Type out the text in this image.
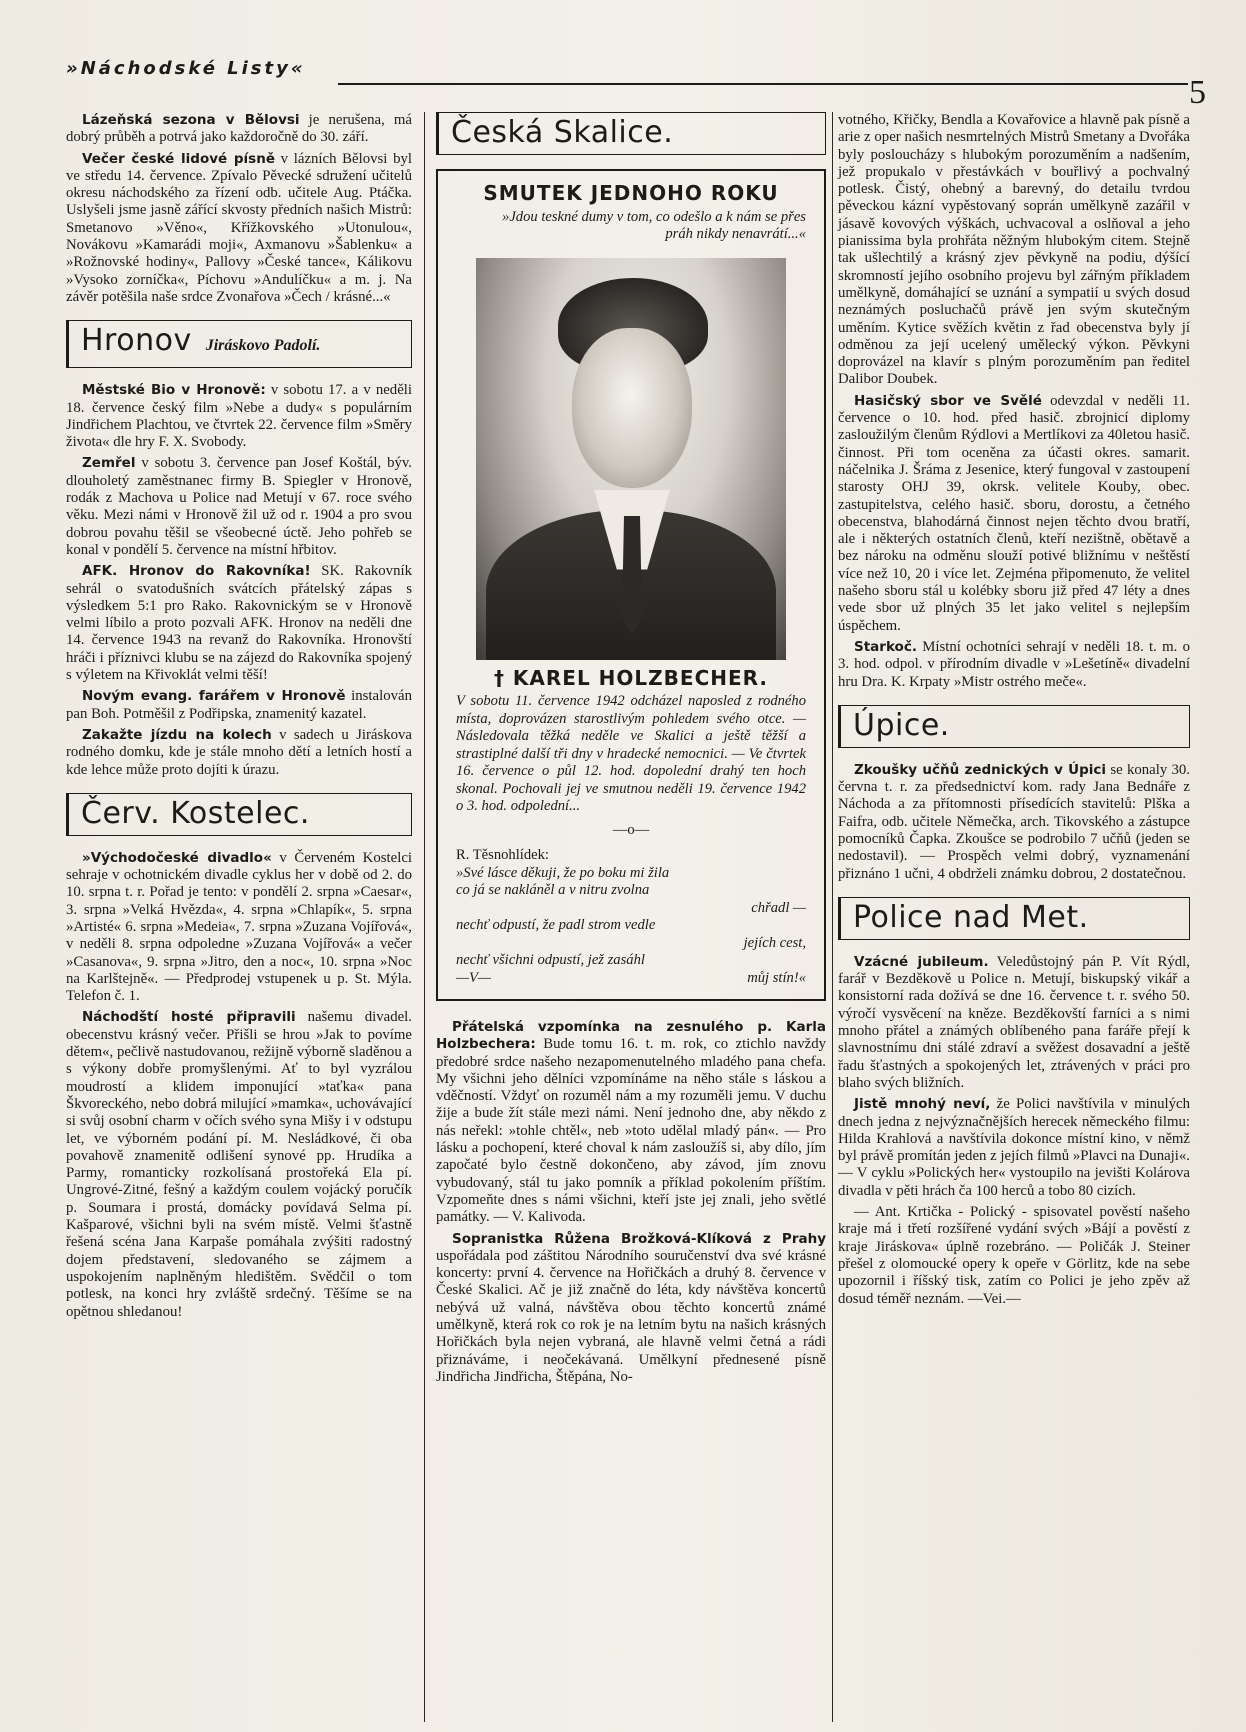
»Náchodské Listy«
5

Lázeňská sezona v Bělovsi je nerušena, má dobrý průběh a potrvá jako každoročně do 30. září.

Večer české lidové písně v lázních Bělovsi byl ve středu 14. července. Zpívalo Pěvecké sdružení učitelů okresu náchodského za řízení odb. učitele Aug. Ptáčka. Uslyšeli jsme jasně zářící skvosty předních našich Mistrů: Smetanovo »Věno«, Křížkovského »Utonulou«, Novákovu »Kamarádi moji«, Axmanovu »Šablenku« a »Rožnovské hodiny«, Pallovy »České tance«, Kálikovu »Vysoko zorníčka«, Píchovu »Andulíčku« a m. j. Na závěr potěšila naše srdce Zvonařova »Čech / krásné...«

Hronov Jiráskovo Padolí.

Městské Bio v Hronově: v sobotu 17. a v neděli 18. července český film »Nebe a dudy« s populárním Jindřichem Plachtou, ve čtvrtek 22. července film »Směry života« dle hry F. X. Svobody.

Zemřel v sobotu 3. července pan Josef Koštál, býv. dlouholetý zaměstnanec firmy B. Spiegler v Hronově, rodák z Machova u Police nad Metují v 67. roce svého věku. Mezi námi v Hronově žil už od r. 1904 a pro svou dobrou povahu těšil se všeobecné úctě. Jeho pohřeb se konal v pondělí 5. července na místní hřbitov.

AFK. Hronov do Rakovníka! SK. Rakovník sehrál o svatodušních svátcích přátelský zápas s výsledkem 5:1 pro Rako. Rakovnickým se v Hronově velmi líbilo a proto pozvali AFK. Hronov na neděli dne 14. července 1943 na revanž do Rakovníka. Hronovští hráči i příznivci klubu se na zájezd do Rakovníka spojený s výletem na Křivoklát velmi těší!

Novým evang. farářem v Hronově instalován pan Boh. Potměšil z Podřipska, znamenitý kazatel.

Zakažte jízdu na kolech v sadech u Jiráskova rodného domku, kde je stále mnoho dětí a letních hostí a kde lehce může proto dojíti k úrazu.

Červ. Kostelec.

»Východočeské divadlo« v Červeném Kostelci sehraje v ochotnickém divadle cyklus her v době od 2. do 10. srpna t. r. Pořad je tento: v pondělí 2. srpna »Caesar«, 3. srpna »Velká Hvězda«, 4. srpna »Chlapík«, 5. srpna »Artisté« 6. srpna »Medeia«, 7. srpna »Zuzana Vojířová«, v neděli 8. srpna odpoledne »Zuzana Vojířová« a večer »Casanova«, 9. srpna »Jitro, den a noc«, 10. srpna »Noc na Karlštejně«. — Předprodej vstupenek u p. St. Mýla. Telefon č. 1.

Náchodští hosté připravili našemu divadel. obecenstvu krásný večer. Přišli se hrou »Jak to povíme dětem«, pečlivě nastudovanou, režijně výborně sladěnou a s výkony dobře promyšlenými. Ať to byl vyzrálou moudrostí a klidem imponující »taťka« pana Škvoreckého, nebo dobrá milující »mamka«, uchovávající si svůj osobní charm v očích svého syna Mišy i v odstupu let, ve výborném podání pí. M. Nesládkové, či oba povahově znamenitě odlišení synové pp. Hrudíka a Parmy, romanticky rozkolísaná prostořeká Ela pí. Ungrové-Zitné, fešný a každým coulem vojácký poručík p. Soumara i prostá, domácky povídavá Selma pí. Kašparové, všichni byli na svém místě. Velmi šťastně řešená scéna Jana Karpaše pomáhala zvýšiti radostný dojem představení, sledovaného se zájmem a uspokojením naplněným hledištěm. Svědčil o tom potlesk, na konci hry zvláště srdečný. Těšíme se na opětnou shledanou!

Česká Skalice.
SMUTEK JEDNOHO ROKU
»Jdou teskné dumy v tom, co odešlo a k nám se přes práh nikdy nenavrátí...«
† KAREL HOLZBECHER.
V sobotu 11. července 1942 odcházel naposled z rodného místa, doprovázen starostlivým pohledem svého otce. — Následovala těžká neděle ve Skalici a ještě těžší a strastiplné další tři dny v hradecké nemocnici. — Ve čtvrtek 16. července o půl 12. hod. dopolední drahý ten hoch skonal. Pochovali jej ve smutnou neděli 19. července 1942 o 3. hod. odpolední...
—o—
R. Těsnohlídek:
»Své lásce děkuji, že po boku mi žila
co já se nakláněl a v nitru zvolna
chřadl —
nechť odpustí, že padl strom vedle
jejích cest,
nechť všichni odpustí, jež zasáhl
—V—	můj stín!«

Přátelská vzpomínka na zesnulého p. Karla Holzbechera: Bude tomu 16. t. m. rok, co ztichlo navždy předobré srdce našeho nezapomenutelného mladého pana chefa. My všichni jeho dělníci vzpomínáme na něho stále s láskou a vděčností. Vždyť on rozuměl nám a my rozuměli jemu. V duchu žije a bude žít stále mezi námi. Není jednoho dne, aby někdo z nás neřekl: »tohle chtěl«, neb »toto udělal mladý pán«. — Pro lásku a pochopení, které choval k nám zasloužíš si, aby dílo, jím započaté bylo čestně dokončeno, aby závod, jím znovu vybudovaný, stál tu jako pomník a příklad pokolením příštím. Vzpomeňte dnes s námi všichni, kteří jste jej znali, jeho světlé památky. — V. Kalivoda.

Sopranistka Růžena Brožková-Klíková z Prahy uspořádala pod záštitou Národního souručenství dva své krásné koncerty: první 4. července na Hořičkách a druhý 8. července v České Skalici. Ač je již značně do léta, kdy návštěva koncertů nebývá už valná, návštěva obou těchto koncertů známé umělkyně, která rok co rok je na letním bytu na našich krásných Hořičkách byla nejen vybraná, ale hlavně velmi četná a rádi přiznáváme, i neočekávaná. Umělkyní přednesené písně Jindřicha Jindřicha, Štěpána, No-

votného, Křičky, Bendla a Kovařovice a hlavně pak písně a arie z oper našich nesmrtelných Mistrů Smetany a Dvořáka byly posloucházy s hlubokým porozuměním a nadšením, jež propukalo v přestávkách v bouřlivý a pochvalný potlesk. Čistý, ohebný a barevný, do detailu tvrdou pěveckou kázní vypěstovaný soprán umělkyně zazářil v jásavě kovových výškách, uchvacoval a oslňoval a jeho pianissima byla prohřáta něžným hlubokým citem. Stejně tak ušlechtilý a krásný zjev pěvkyně na podiu, dýšící skromností jejího osobního projevu byl zářným příkladem umělkyně, domáhající se uznání a sympatií u svých dosud neznámých posluchačů právě jen svým skutečným uměním. Kytice svěžích květin z řad obecenstva byly jí odměnou za její ucelený umělecký výkon. Pěvkyni doprovázel na klavír s plným porozuměním pan ředitel Dalibor Doubek.

Hasičský sbor ve Svělé odevzdal v neděli 11. července o 10. hod. před hasič. zbrojnicí diplomy zasloužilým členům Rýdlovi a Mertlíkovi za 40letou hasič. činnost. Při tom oceněna za účasti okres. samarit. náčelnika J. Šráma z Jesenice, který fungoval v zastoupení starosty OHJ 39, okrsk. velitele Kouby, obec. zastupitelstva, celého hasič. sboru, dorostu, a četného obecenstva, blahodárná činnost nejen těchto dvou bratří, ale i některých ostatních členů, kteří nezištně, obětavě a bez nároku na odměnu slouží potivé bližnímu v neštěstí více než 10, 20 i více let. Zejména připomenuto, že velitel našeho sboru stál u kolébky sboru již před 47 léty a dnes vede sbor už plných 35 let jako velitel s nejlepším úspěchem.

Starkoč. Místní ochotníci sehrají v neděli 18. t. m. o 3. hod. odpol. v přírodním divadle v »Lešetíně« divadelní hru Dra. K. Krpaty »Mistr ostrého meče«.

Úpice.

Zkoušky učňů zednických v Úpici se konaly 30. června t. r. za předsednictví kom. rady Jana Bednáře z Náchoda a za přítomnosti přísedících stavitelů: Plška a Faifra, odb. učitele Němečka, arch. Tikovského a zástupce pomocníků Čapka. Zkoušce se podrobilo 7 učňů (jeden se nedostavil). — Prospěch velmi dobrý, vyznamenání přiznáno 1 učni, 4 obdrželi známku dobrou, 2 dostatečnou.

Police nad Met.

Vzácné jubileum. Veledůstojný pán P. Vít Rýdl, farář v Bezděkově u Police n. Metují, biskupský vikář a konsistorní rada dožívá se dne 16. července t. r. svého 50. výročí vysvěcení na kněze. Bezděkovští farníci a s nimi mnoho přátel a známých oblíbeného pana faráře přejí k slavnostnímu dni stálé zdraví a svěžest dosavadní a ještě řadu šťastných a spokojených let, ztrávených v práci pro blaho svých bližních.

Jistě mnohý neví, že Polici navštívila v minulých dnech jedna z nejvýznačnějších herecek německého filmu: Hilda Krahlová a navštívila dokonce místní kino, v němž byl právě promítán jeden z jejích filmů »Plavci na Dunaji«. — V cyklu »Polických her« vystoupilo na jevišti Kolárova divadla v pěti hrách ča 100 herců a tobo 80 cizích.

— Ant. Krtička - Polický - spisovatel pověstí našeho kraje má i třetí rozšířené vydání svých »Bájí a pověstí z kraje Jiráskova« úplně rozebráno. — Poličák J. Steiner přešel z olomoucké opery k opeře v Görlitz, kde na sebe upozornil i říšský tisk, zatím co Polici je jeho zpěv až dosud téměř neznám. —Vei.—
